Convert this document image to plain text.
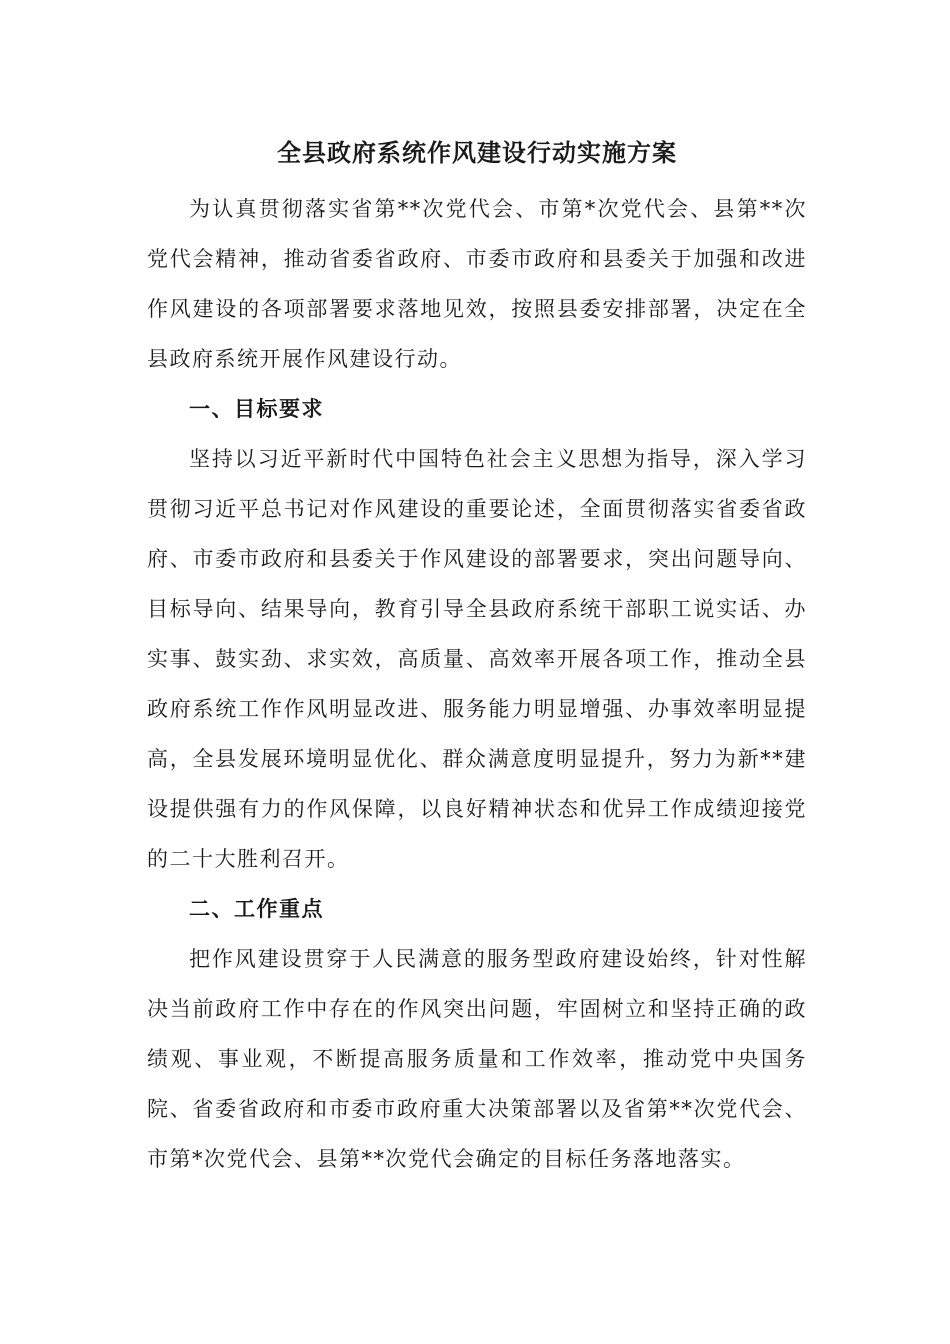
全县政府系统作风建设行动实施方案

为认真贯彻落实省第**次党代会、市第*次党代会、县第**次党代会精神，推动省委省政府、市委市政府和县委关于加强和改进作风建设的各项部署要求落地见效，按照县委安排部署，决定在全县政府系统开展作风建设行动。

一、目标要求

坚持以习近平新时代中国特色社会主义思想为指导，深入学习贯彻习近平总书记对作风建设的重要论述，全面贯彻落实省委省政府、市委市政府和县委关于作风建设的部署要求，突出问题导向、目标导向、结果导向，教育引导全县政府系统干部职工说实话、办实事、鼓实劲、求实效，高质量、高效率开展各项工作，推动全县政府系统工作作风明显改进、服务能力明显增强、办事效率明显提高，全县发展环境明显优化、群众满意度明显提升，努力为新**建设提供强有力的作风保障，以良好精神状态和优异工作成绩迎接党的二十大胜利召开。

二、工作重点

把作风建设贯穿于人民满意的服务型政府建设始终，针对性解决当前政府工作中存在的作风突出问题，牢固树立和坚持正确的政绩观、事业观，不断提高服务质量和工作效率，推动党中央国务院、省委省政府和市委市政府重大决策部署以及省第**次党代会、市第*次党代会、县第**次党代会确定的目标任务落地落实。
